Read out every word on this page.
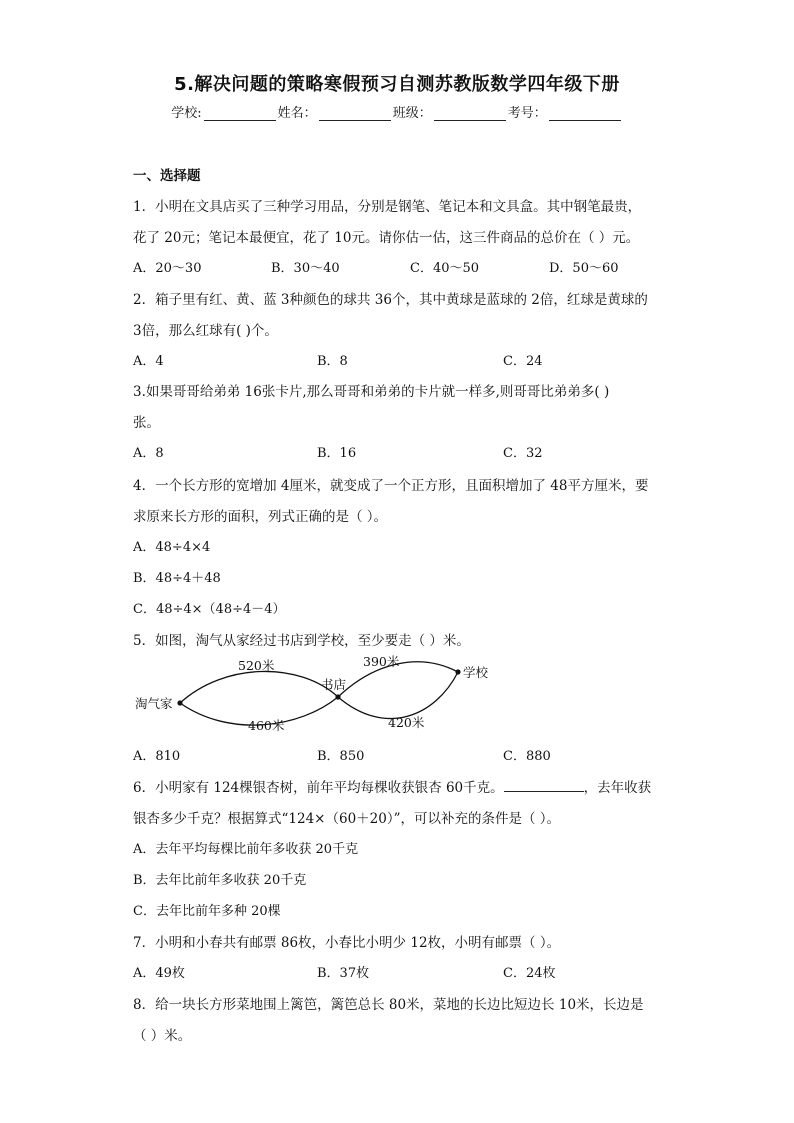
5.解决问题的策略寒假预习自测苏教版数学四年级下册
学校:	姓名：	班级：	考号：
一、选择题
1．小明在文具店买了三种学习用品，分别是钢笔、笔记本和文具盒。其中钢笔最贵，
花了 20元；笔记本最便宜，花了 10元。请你估一估，这三件商品的总价在（ ）元。
A．20～30	B．30～40	C．40～50	D．50～60
2．箱子里有红、黄、蓝 3种颜色的球共 36个，其中黄球是蓝球的 2倍，红球是黄球的
3倍，那么红球有( )个。
A．4	B．8	C．24
3.如果哥哥给弟弟 16张卡片,那么哥哥和弟弟的卡片就一样多,则哥哥比弟弟多( )
张。
A．8	B．16	C．32
4．一个长方形的宽增加 4厘米，就变成了一个正方形，且面积增加了 48平方厘米，要
求原来长方形的面积，列式正确的是（ ）。
A．48÷4×4
B．48÷4＋48
C．48÷4×（48÷4－4）
5．如图，淘气从家经过书店到学校，至少要走（ ）米。
淘气家
书店
学校
520米
460米
390米
420米
A．810	B．850	C．880
6．小明家有 124棵银杏树，前年平均每棵收获银杏 60千克。	，去年收获
银杏多少千克？根据算式“124×（60＋20）”，可以补充的条件是（ ）。
A．去年平均每棵比前年多收获 20千克
B．去年比前年多收获 20千克
C．去年比前年多种 20棵
7．小明和小春共有邮票 86枚，小春比小明少 12枚，小明有邮票（ ）。
A．49枚	B．37枚	C．24枚
8．给一块长方形菜地围上篱笆，篱笆总长 80米，菜地的长边比短边长 10米，长边是
（ ）米。
